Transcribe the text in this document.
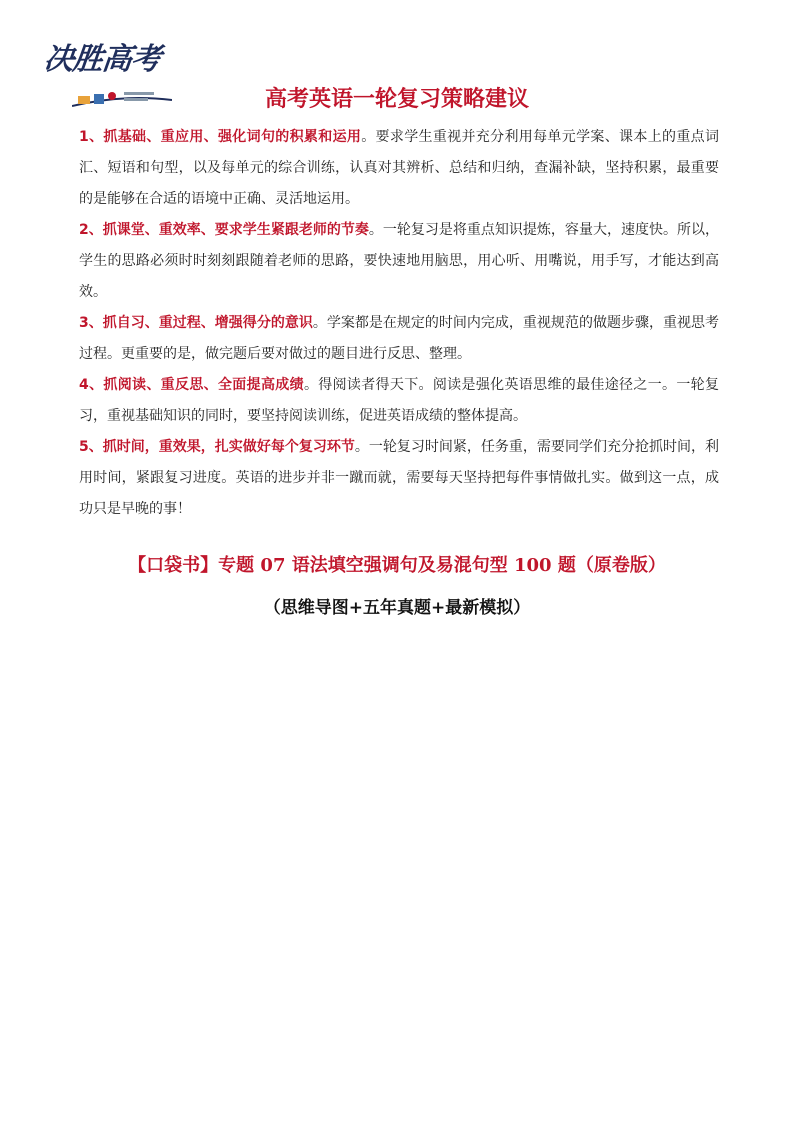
决胜高考
高考英语一轮复习策略建议

1、抓基础、重应用、强化词句的积累和运用。要求学生重视并充分利用每单元学案、课本上的重点词汇、短语和句型，以及每单元的综合训练，认真对其辨析、总结和归纳，查漏补缺，坚持积累，最重要的是能够在合适的语境中正确、灵活地运用。

2、抓课堂、重效率、要求学生紧跟老师的节奏。一轮复习是将重点知识提炼，容量大，速度快。所以，学生的思路必须时时刻刻跟随着老师的思路，要快速地用脑思，用心听、用嘴说，用手写，才能达到高效。

3、抓自习、重过程、增强得分的意识。学案都是在规定的时间内完成，重视规范的做题步骤，重视思考过程。更重要的是，做完题后要对做过的题目进行反思、整理。

4、抓阅读、重反思、全面提高成绩。得阅读者得天下。阅读是强化英语思维的最佳途径之一。一轮复习，重视基础知识的同时，要坚持阅读训练，促进英语成绩的整体提高。

5、抓时间，重效果，扎实做好每个复习环节。一轮复习时间紧，任务重，需要同学们充分抢抓时间，利用时间，紧跟复习进度。英语的进步并非一蹴而就，需要每天坚持把每件事情做扎实。做到这一点，成功只是早晚的事！

【口袋书】专题 07 语法填空强调句及易混句型 100 题（原卷版）
（思维导图+五年真题+最新模拟）
